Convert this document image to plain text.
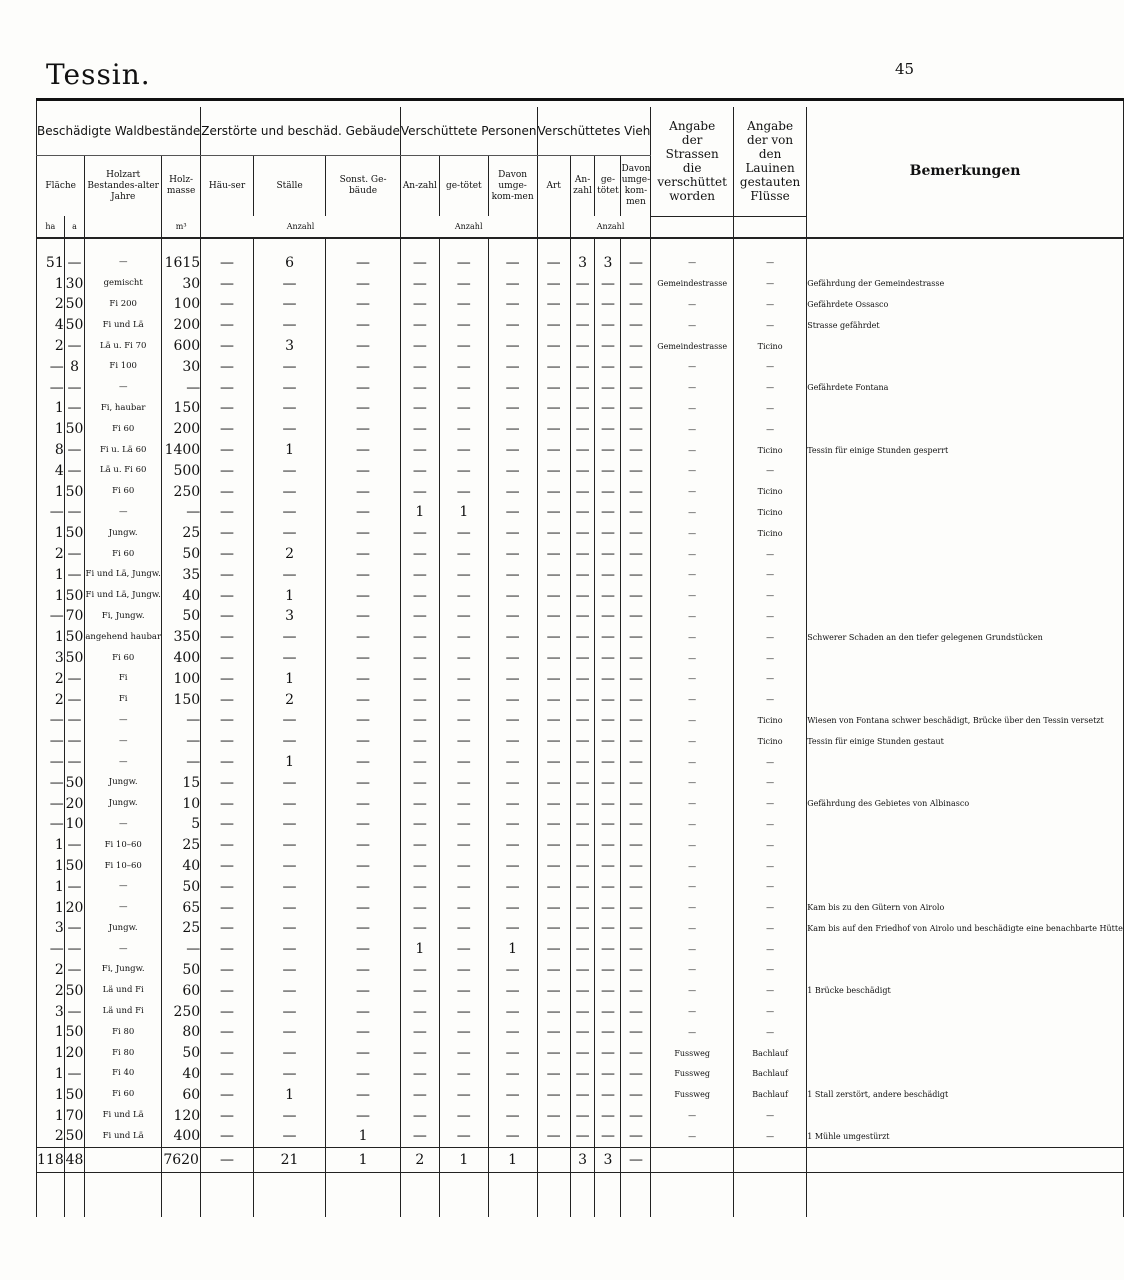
Tessin.	45

Beschädigte Waldbestände				Zerstörte und beschäd. Gebäude			Verschüttete Personen			Verschüttetes Vieh				Angabe der Strassen die verschüttet worden	Angabe der von den Lauinen gestauten Flüsse	Bemerkungen
Fläche		Holzart Bestandes-alter Jahre	Holz-masse	Häu-ser	Ställe	Sonst. Ge-bäude	An-zahl	ge-tötet	Davon umge-kom-men	Art	An-zahl	ge-tötet	Davon umge-kom-men			
ha	a		m³	Anzahl			Anzahl				Anzahl					

51	—	—	1615	—	6	—	—	—	—	—	3	3	—	—	—	
1	30	gemischt	30	—	—	—	—	—	—	—	—	—	—	Gemeindestrasse	—	Gefährdung der Gemeindestrasse
2	50	Fi 200	100	—	—	—	—	—	—	—	—	—	—	—	—	Gefährdete Ossasco
4	50	Fi und Lä	200	—	—	—	—	—	—	—	—	—	—	—	—	Strasse gefährdet
2	—	Lä u. Fi 70	600	—	3	—	—	—	—	—	—	—	—	Gemeindestrasse	Ticino	
—	8	Fi 100	30	—	—	—	—	—	—	—	—	—	—	—	—	
—	—	—	—	—	—	—	—	—	—	—	—	—	—	—	—	Gefährdete Fontana
1	—	Fi, haubar	150	—	—	—	—	—	—	—	—	—	—	—	—	
1	50	Fi 60	200	—	—	—	—	—	—	—	—	—	—	—	—	
8	—	Fi u. Lä 60	1400	—	1	—	—	—	—	—	—	—	—	—	Ticino	Tessin für einige Stunden gesperrt
4	—	Lä u. Fi 60	500	—	—	—	—	—	—	—	—	—	—	—	—	
1	50	Fi 60	250	—	—	—	—	—	—	—	—	—	—	—	Ticino	
—	—	—	—	—	—	—	1	1	—	—	—	—	—	—	Ticino	
1	50	Jungw.	25	—	—	—	—	—	—	—	—	—	—	—	Ticino	
2	—	Fi 60	50	—	2	—	—	—	—	—	—	—	—	—	—	
1	—	Fi und Lä, Jungw.	35	—	—	—	—	—	—	—	—	—	—	—	—	
1	50	Fi und Lä, Jungw.	40	—	1	—	—	—	—	—	—	—	—	—	—	
—	70	Fi, Jungw.	50	—	3	—	—	—	—	—	—	—	—	—	—	
1	50	angehend haubar	350	—	—	—	—	—	—	—	—	—	—	—	—	Schwerer Schaden an den tiefer gelegenen Grundstücken
3	50	Fi 60	400	—	—	—	—	—	—	—	—	—	—	—	—	
2	—	Fi	100	—	1	—	—	—	—	—	—	—	—	—	—	
2	—	Fi	150	—	2	—	—	—	—	—	—	—	—	—	—	
—	—	—	—	—	—	—	—	—	—	—	—	—	—	—	Ticino	Wiesen von Fontana schwer beschädigt, Brücke über den Tessin versetzt
—	—	—	—	—	—	—	—	—	—	—	—	—	—	—	Ticino	Tessin für einige Stunden gestaut
—	—	—	—	—	1	—	—	—	—	—	—	—	—	—	—	
—	50	Jungw.	15	—	—	—	—	—	—	—	—	—	—	—	—	
—	20	Jungw.	10	—	—	—	—	—	—	—	—	—	—	—	—	Gefährdung des Gebietes von Albinasco
—	10	—	5	—	—	—	—	—	—	—	—	—	—	—	—	
1	—	Fi 10–60	25	—	—	—	—	—	—	—	—	—	—	—	—	
1	50	Fi 10–60	40	—	—	—	—	—	—	—	—	—	—	—	—	
1	—	—	50	—	—	—	—	—	—	—	—	—	—	—	—	
1	20	—	65	—	—	—	—	—	—	—	—	—	—	—	—	Kam bis zu den Gütern von Airolo
3	—	Jungw.	25	—	—	—	—	—	—	—	—	—	—	—	—	Kam bis auf den Friedhof von Airolo und beschädigte eine benachbarte Hütte
—	—	—	—	—	—	—	1	—	1	—	—	—	—	—	—	
2	—	Fi, Jungw.	50	—	—	—	—	—	—	—	—	—	—	—	—	
2	50	Lä und Fi	60	—	—	—	—	—	—	—	—	—	—	—	—	1 Brücke beschädigt
3	—	Lä und Fi	250	—	—	—	—	—	—	—	—	—	—	—	—	
1	50	Fi 80	80	—	—	—	—	—	—	—	—	—	—	—	—	
1	20	Fi 80	50	—	—	—	—	—	—	—	—	—	—	Fussweg	Bachlauf	
1	—	Fi 40	40	—	—	—	—	—	—	—	—	—	—	Fussweg	Bachlauf	
1	50	Fi 60	60	—	1	—	—	—	—	—	—	—	—	Fussweg	Bachlauf	1 Stall zerstört, andere beschädigt
1	70	Fi und Lä	120	—	—	—	—	—	—	—	—	—	—	—	—	
2	50	Fi und Lä	400	—	—	1	—	—	—	—	—	—	—	—	—	1 Mühle umgestürzt
118	48		7620	—	21	1	2	1	1		3	3	—			
